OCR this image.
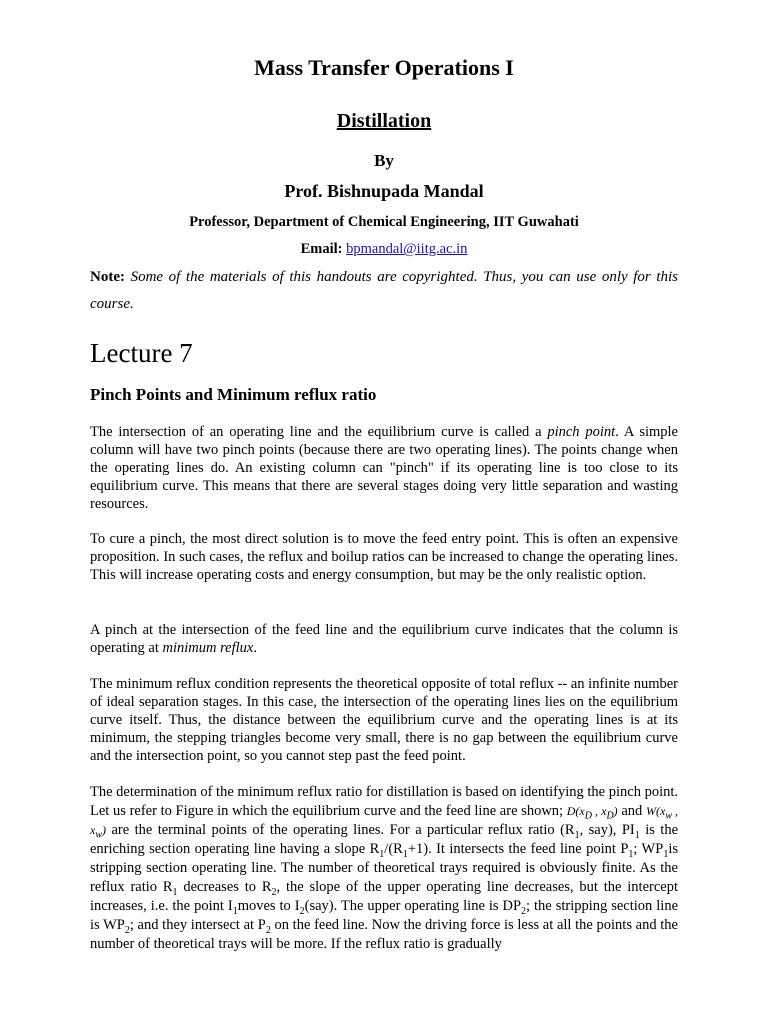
Mass Transfer Operations I
Distillation
By
Prof. Bishnupada Mandal
Professor, Department of Chemical Engineering, IIT Guwahati
Email: bpmandal@iitg.ac.in
Note: Some of the materials of this handouts are copyrighted. Thus, you can use only for this course.
Lecture 7
Pinch Points and Minimum reflux ratio
The intersection of an operating line and the equilibrium curve is called a pinch point. A simple column will have two pinch points (because there are two operating lines). The points change when the operating lines do. An existing column can "pinch" if its operating line is too close to its equilibrium curve. This means that there are several stages doing very little separation and wasting resources.
To cure a pinch, the most direct solution is to move the feed entry point. This is often an expensive proposition. In such cases, the reflux and boilup ratios can be increased to change the operating lines. This will increase operating costs and energy consumption, but may be the only realistic option.
A pinch at the intersection of the feed line and the equilibrium curve indicates that the column is operating at minimum reflux.
The minimum reflux condition represents the theoretical opposite of total reflux -- an infinite number of ideal separation stages. In this case, the intersection of the operating lines lies on the equilibrium curve itself. Thus, the distance between the equilibrium curve and the operating lines is at its minimum, the stepping triangles become very small, there is no gap between the equilibrium curve and the intersection point, so you cannot step past the feed point.
The determination of the minimum reflux ratio for distillation is based on identifying the pinch point. Let us refer to Figure in which the equilibrium curve and the feed line are shown; $D(x_D$ , $x_D$) and $W(x_w$ , $x_w$) are the terminal points of the operating lines. For a particular reflux ratio ($R_1$, say), $PI_1$ is the enriching section operating line having a slope $R_1/(R_1+1)$. It intersects the feed line point $P_1$; $WP_1is$ stripping section operating line. The number of theoretical trays required is obviously finite. As the reflux ratio $R_1$ decreases to $R_2$, the slope of the upper operating line decreases, but the intercept increases, i.e. the point $I_1moves$ to $I_2(say)$. The upper operating line is $DP_2$; the stripping section line is $WP_2$; and they intersect at $P_2$ on the feed line. Now the driving force is less at all the points and the number of theoretical trays will be more. If the reflux ratio is gradually
